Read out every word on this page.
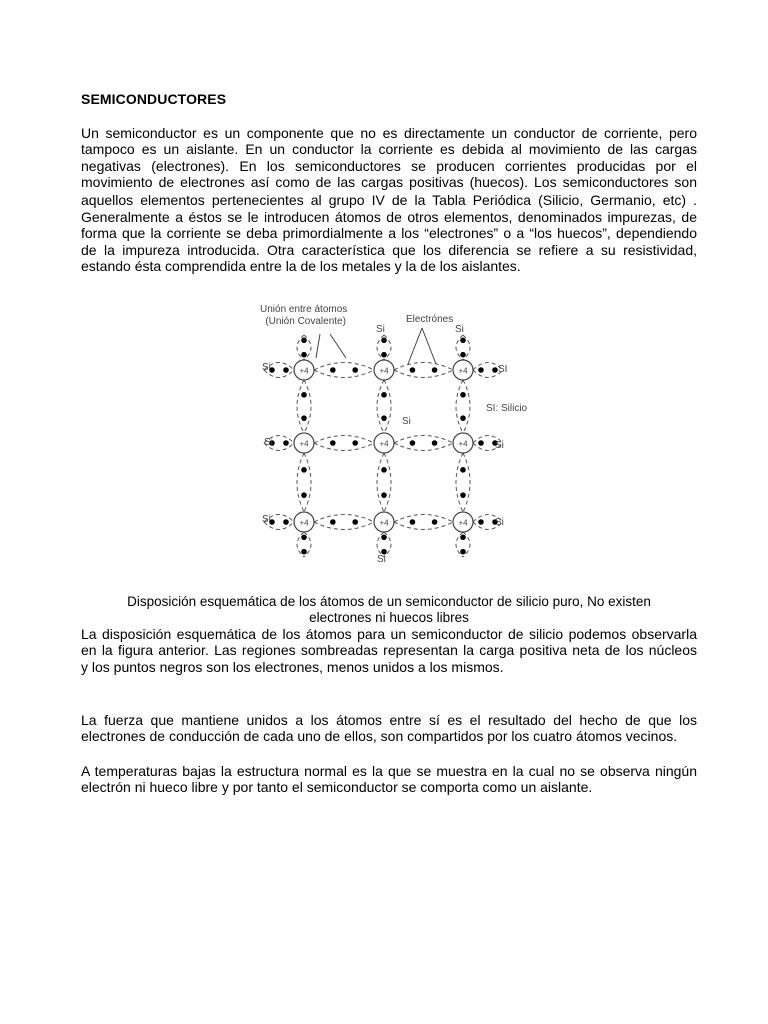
SEMICONDUCTORES
Un semiconductor es un componente que no es directamente un conductor de corriente, pero
tampoco es un aislante. En un conductor la corriente es debida al movimiento de las cargas
negativas (electrones). En los semiconductores se producen corrientes producidas por el
movimiento de electrones así como de las cargas positivas (huecos). Los semiconductores son
aquellos elementos pertenecientes al grupo IV de la Tabla Periódica (Silicio, Germanio, etc) .
Generalmente a éstos se le introducen átomos de otros elementos, denominados impurezas, de
forma que la corriente se deba primordialmente a los “electrones” o a “los huecos”, dependiendo
de la impureza introducida. Otra característica que los diferencia se refiere a su resistividad,
estando ésta comprendida entre la de los metales y la de los aislantes.
+4	+4	+4
+4	+4	+4
+4	+4	+4
Unión entre átomos
(Unión Covalente)	Electrónes
SI: Silicio
Si	Si
Si	SI
Si
Si	Si
Si	Si
Si
Disposición esquemática de los átomos de un semiconductor de silicio puro, No existen
electrones ni huecos libres
La disposición esquemática de los átomos para un semiconductor de silicio podemos observarla
en la figura anterior. Las regiones sombreadas representan la carga positiva neta de los núcleos
y los puntos negros son los electrones, menos unidos a los mismos.
La fuerza que mantiene unidos a los átomos entre sí es el resultado del hecho de que los
electrones de conducción de cada uno de ellos, son compartidos por los cuatro átomos vecinos.
A temperaturas bajas la estructura normal es la que se muestra en la cual no se observa ningún
electrón ni hueco libre y por tanto el semiconductor se comporta como un aislante.
